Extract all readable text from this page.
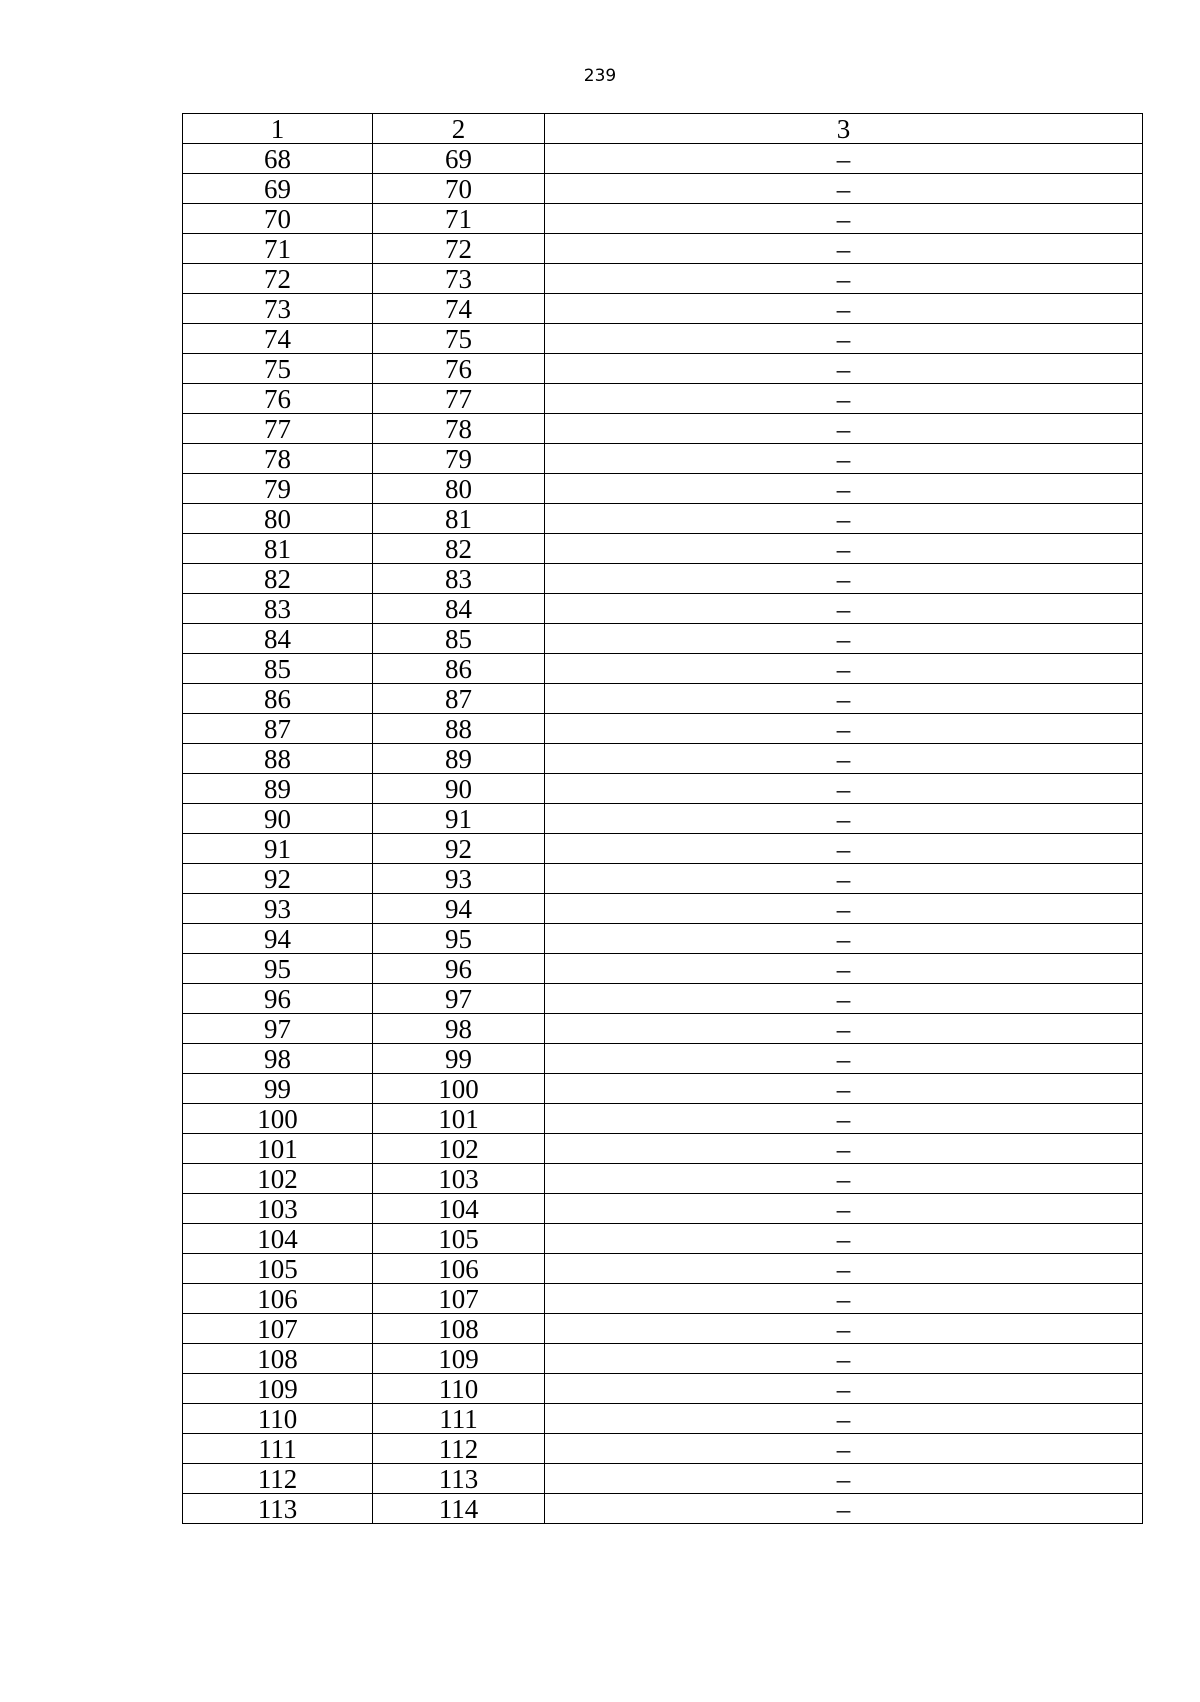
239
1	2	3
68	69	–
69	70	–
70	71	–
71	72	–
72	73	–
73	74	–
74	75	–
75	76	–
76	77	–
77	78	–
78	79	–
79	80	–
80	81	–
81	82	–
82	83	–
83	84	–
84	85	–
85	86	–
86	87	–
87	88	–
88	89	–
89	90	–
90	91	–
91	92	–
92	93	–
93	94	–
94	95	–
95	96	–
96	97	–
97	98	–
98	99	–
99	100	–
100	101	–
101	102	–
102	103	–
103	104	–
104	105	–
105	106	–
106	107	–
107	108	–
108	109	–
109	110	–
110	111	–
111	112	–
112	113	–
113	114	–
